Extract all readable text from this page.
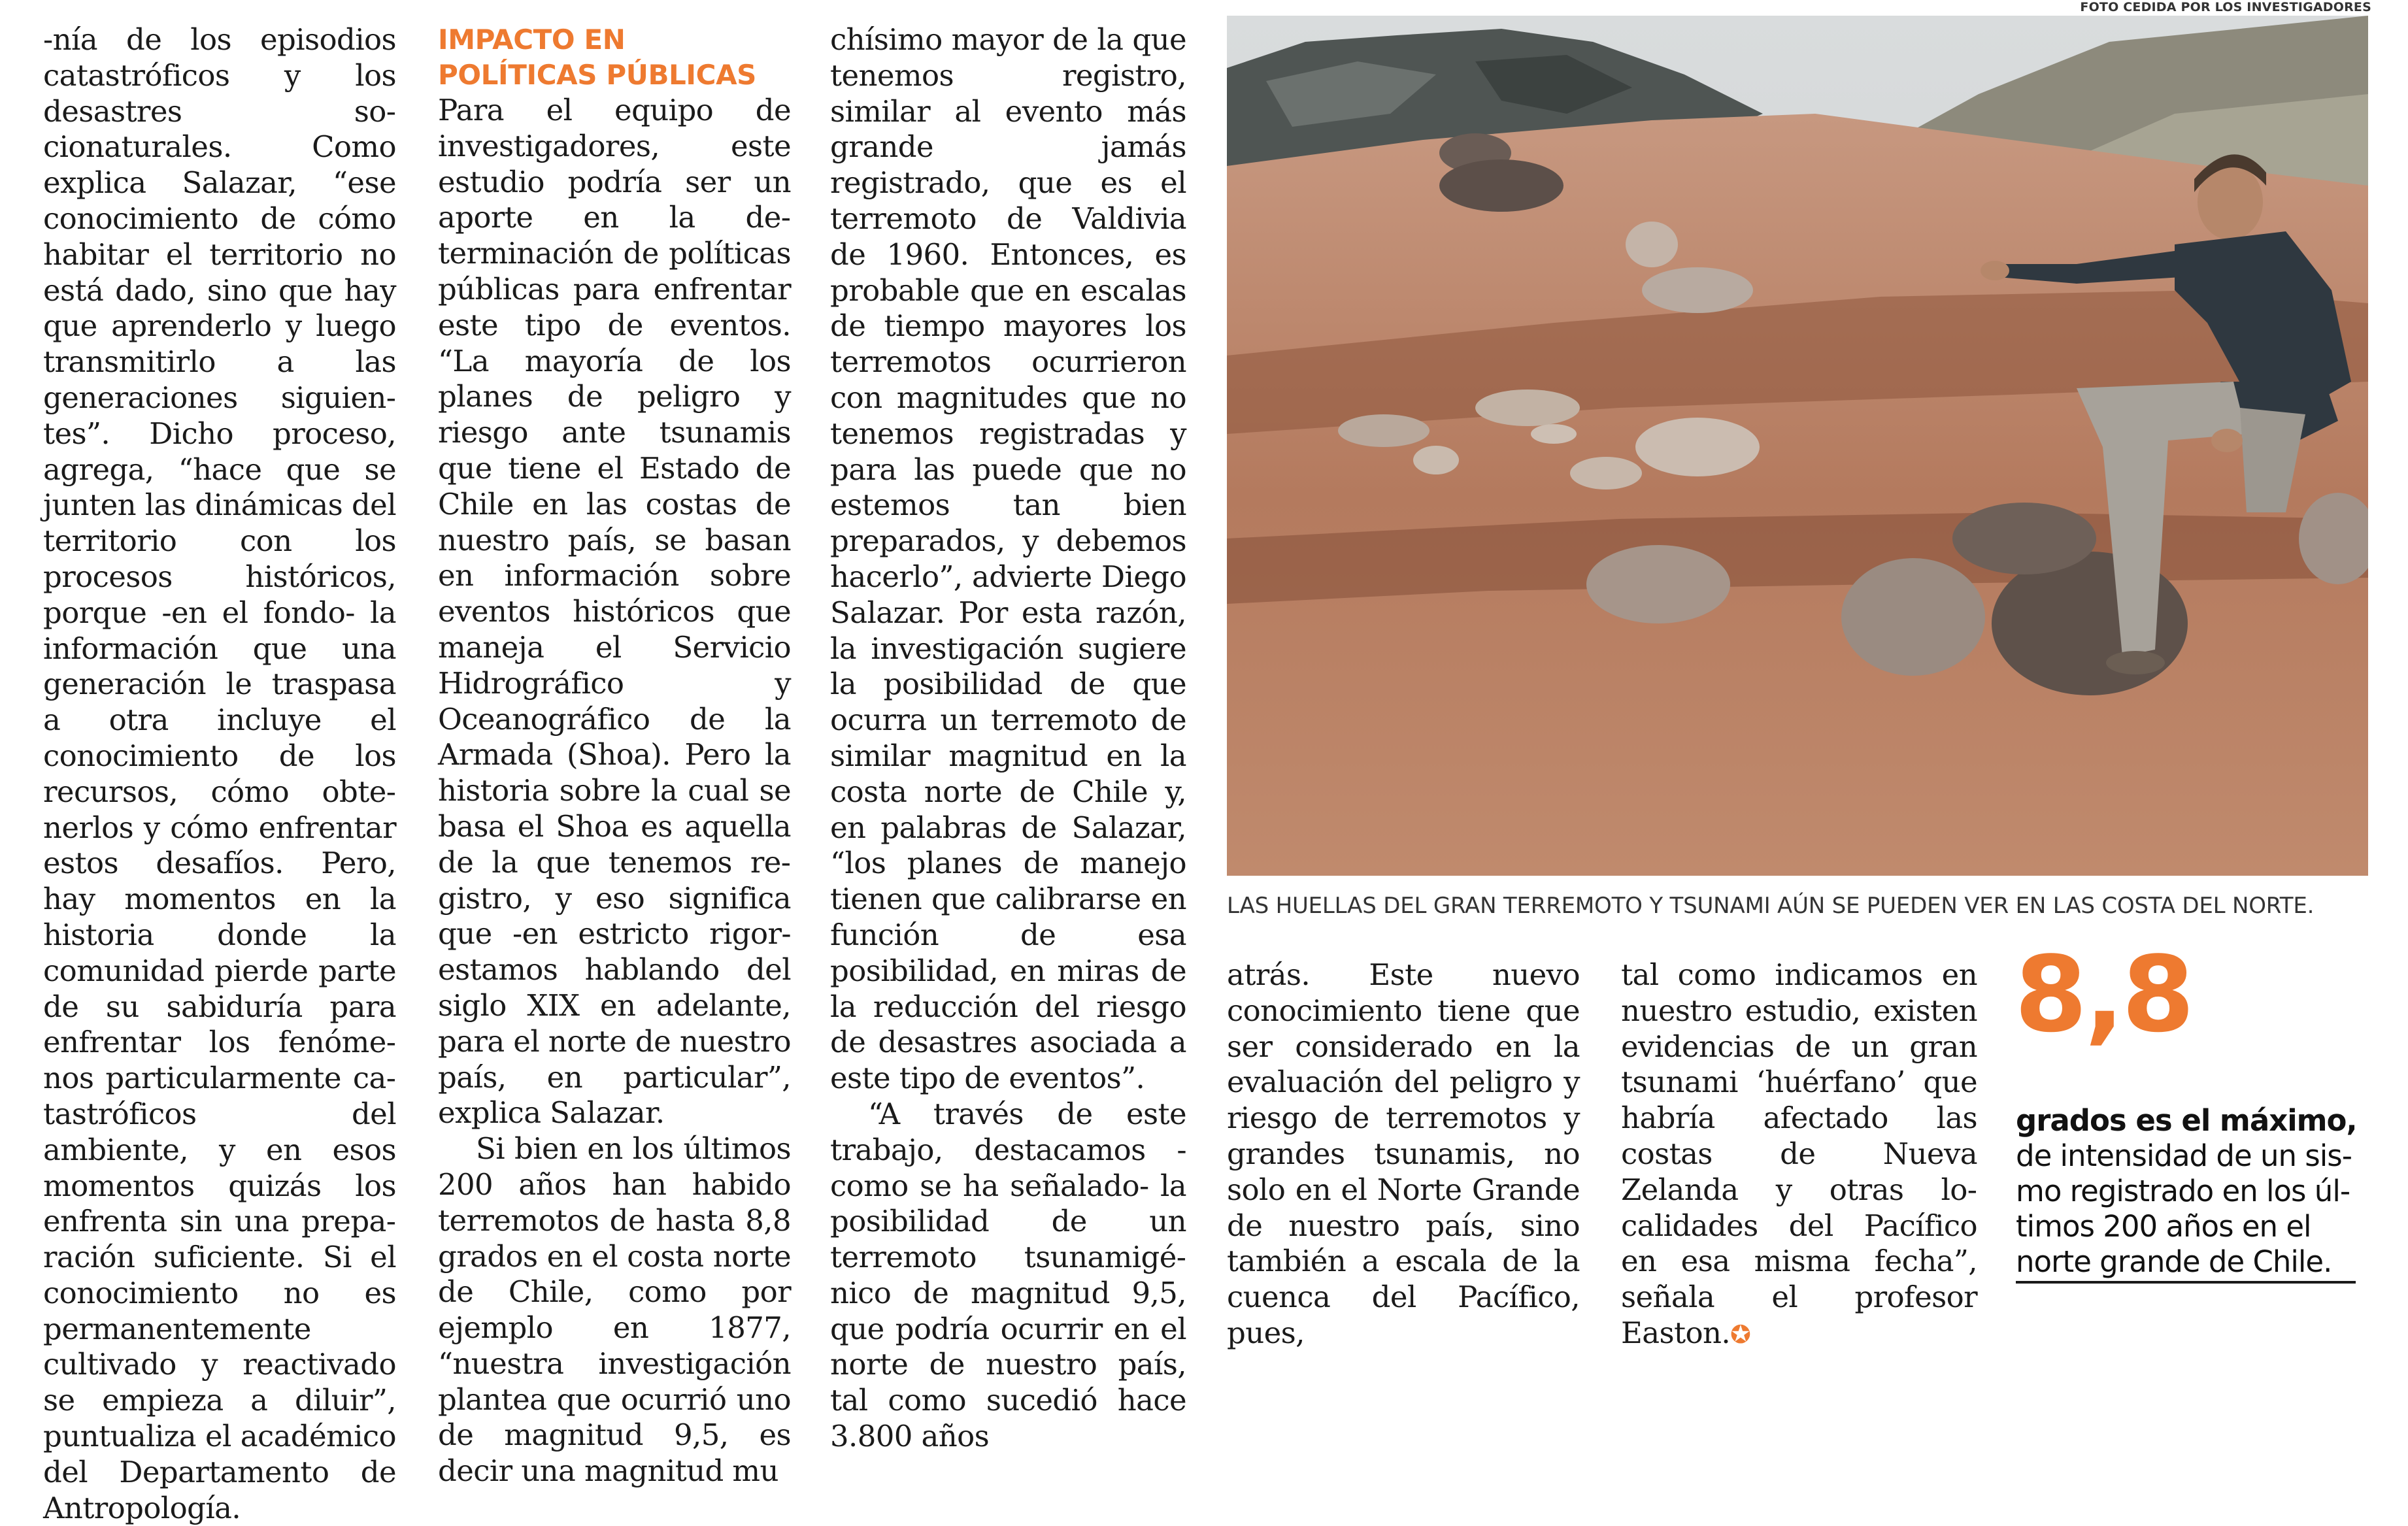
-nía de los episodios catastróficos y los desastres socionaturales. Como explica Salazar, “ese conocimiento de cómo habitar el territorio no está dado, sino que hay que aprenderlo y luego transmitirlo a las generaciones siguientes”. Dicho proceso, agrega, “hace que se junten las dinámicas del territorio con los procesos históricos, porque -en el fondo- la información que una generación le traspasa a otra incluye el conocimiento de los recursos, cómo obtenerlos y cómo enfrentar estos desafíos. Pero, hay momentos en la historia donde la comunidad pierde parte de su sabiduría para enfrentar los fenómenos particularmente catastróficos del ambiente, y en esos momentos quizás los enfrenta sin una preparación suficiente. Si el conocimiento no es permanentemente cultivado y reactivado se empieza a diluir”, puntualiza el académico del Departamento de Antropología.

IMPACTO EN POLÍTICAS PÚBLICAS

Para el equipo de investigadores, este estudio podría ser un aporte en la determinación de políticas públicas para enfrentar este tipo de eventos. “La mayoría de los planes de peligro y riesgo ante tsunamis que tiene el Estado de Chile en las costas de nuestro país, se basan en información sobre eventos históricos que maneja el Servicio Hidrográfico y Oceanográfico de la Armada (Shoa). Pero la historia sobre la cual se basa el Shoa es aquella de la que tenemos registro, y eso significa que -en estricto rigor- estamos hablando del siglo XIX en adelante, para el norte de nuestro país, en particular”, explica Salazar.

Si bien en los últimos 200 años han habido terremotos de hasta 8,8 grados en el costa norte de Chile, como por ejemplo en 1877, “nuestra investigación plantea que ocurrió uno de magnitud 9,5, es decir una magnitud mu

chísimo mayor de la que tenemos registro, similar al evento más grande jamás registrado, que es el terremoto de Valdivia de 1960. Entonces, es probable que en escalas de tiempo mayores los terremotos ocurrieron con magnitudes que no tenemos registradas y para las puede que no estemos tan bien preparados, y debemos hacerlo”, advierte Diego Salazar. Por esta razón, la investigación sugiere la posibilidad de que ocurra un terremoto de similar magnitud en la costa norte de Chile y, en palabras de Salazar, “los planes de manejo tienen que calibrarse en función de esa posibilidad, en miras de la reducción del riesgo de desastres asociada a este tipo de eventos”.

“A través de este trabajo, destacamos -como se ha señalado- la posibilidad de un terremoto tsunamigénico de magnitud 9,5, que podría ocurrir en el norte de nuestro país, tal como sucedió hace 3.800 años

FOTO CEDIDA POR LOS INVESTIGADORES
LAS HUELLAS DEL GRAN TERREMOTO Y TSUNAMI AÚN SE PUEDEN VER EN LAS COSTA DEL NORTE.

atrás. Este nuevo conocimiento tiene que ser considerado en la evaluación del peligro y riesgo de terremotos y grandes tsunamis, no solo en el Norte Grande de nuestro país, sino también a escala de la cuenca del Pacífico, pues,

tal como indicamos en nuestro estudio, existen evidencias de un gran tsunami ‘huérfano’ que habría afectado las costas de Nueva Zelanda y otras localidades del Pacífico en esa misma fecha”, señala el profesor Easton.✪

8,8
grados es el máximo, de intensidad de un sismo registrado en los últimos 200 años en el norte grande de Chile.
